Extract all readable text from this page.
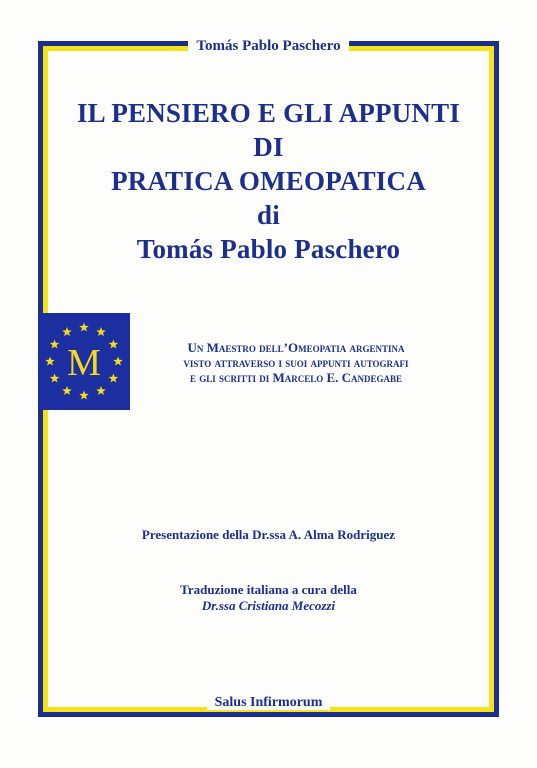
Tomás Pablo Paschero
IL PENSIERO E GLI APPUNTI
DI
PRATICA OMEOPATICA
di
Tomás Pablo Paschero
M	Un Maestro dell’Omeopatia argentina
visto attraverso i suoi appunti autografi
e gli scritti di Marcelo E. Candegabe
Presentazione della Dr.ssa A. Alma Rodriguez
Traduzione italiana a cura della
Dr.ssa Cristiana Mecozzi
Salus Infirmorum
